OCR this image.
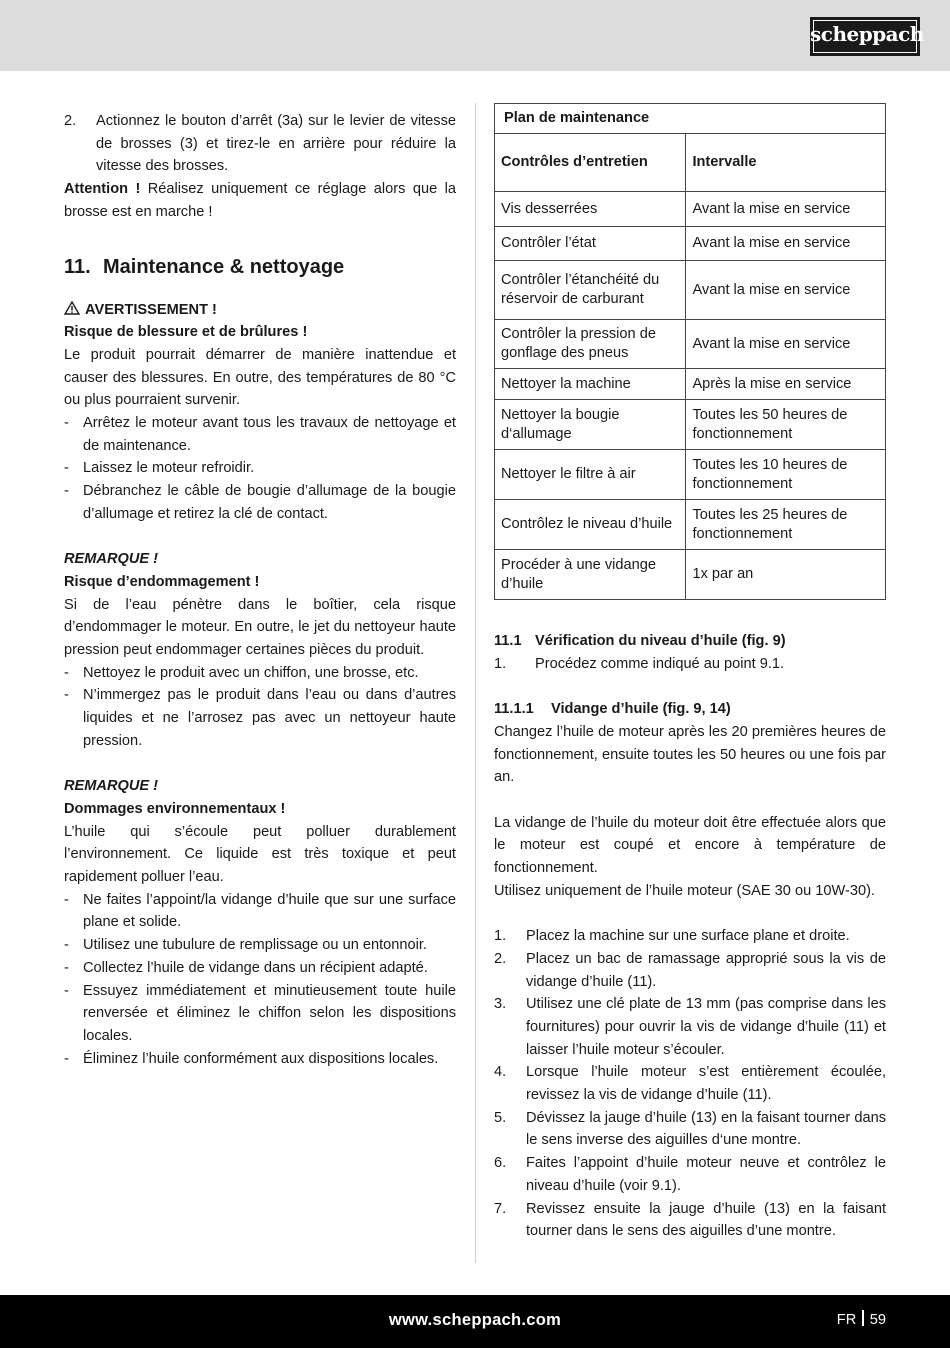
scheppach
2. Actionnez le bouton d’arrêt (3a) sur le levier de vitesse de brosses (3) et tirez-le en arrière pour réduire la vitesse des brosses.

Attention ! Réalisez uniquement ce réglage alors que la brosse est en marche !

11. Maintenance & nettoyage
AVERTISSEMENT !
Risque de blessure et de brûlures !

Le produit pourrait démarrer de manière inattendue et causer des blessures. En outre, des températures de 80 °C ou plus pourraient survenir.

- Arrêtez le moteur avant tous les travaux de nettoyage et de maintenance.
- Laissez le moteur refroidir.
- Débranchez le câble de bougie d’allumage de la bougie d’allumage et retirez la clé de contact.
REMARQUE !
Risque d’endommagement !

Si de l’eau pénètre dans le boîtier, cela risque d’endommager le moteur. En outre, le jet du nettoyeur haute pression peut endommager certaines pièces du produit.

- Nettoyez le produit avec un chiffon, une brosse, etc.
- N’immergez pas le produit dans l’eau ou dans d’autres liquides et ne l’arrosez pas avec un nettoyeur haute pression.
REMARQUE !
Dommages environnementaux !

L’huile qui s’écoule peut polluer durablement l’environnement. Ce liquide est très toxique et peut rapidement polluer l’eau.

- Ne faites l’appoint/la vidange d’huile que sur une surface plane et solide.
- Utilisez une tubulure de remplissage ou un entonnoir.
- Collectez l’huile de vidange dans un récipient adapté.
- Essuyez immédiatement et minutieusement toute huile renversée et éliminez le chiffon selon les dispositions locales.
- Éliminez l’huile conformément aux dispositions locales.
Plan de maintenance	
Contrôles d’entretien	Intervalle
Vis desserrées	Avant la mise en service
Contrôler l’état	Avant la mise en service
Contrôler l’étanchéité du réservoir de carburant	Avant la mise en service
Contrôler la pression de gonflage des pneus	Avant la mise en service
Nettoyer la machine	Après la mise en service
Nettoyer la bougie d‘allumage	Toutes les 50 heures de fonctionnement
Nettoyer le filtre à air	Toutes les 10 heures de fonctionnement
Contrôlez le niveau d’huile	Toutes les 25 heures de fonctionnement
Procéder à une vidange d’huile	1x par an
11.1 Vérification du niveau d’huile (fig. 9)
1. Procédez comme indiqué au point 9.1.
11.1.1 Vidange d’huile (fig. 9, 14)

Changez l’huile de moteur après les 20 premières heures de fonctionnement, ensuite toutes les 50 heures ou une fois par an.

La vidange de l’huile du moteur doit être effectuée alors que le moteur est coupé et encore à température de fonctionnement.

Utilisez uniquement de l’huile moteur (SAE 30 ou 10W-30).

1. Placez la machine sur une surface plane et droite.
2. Placez un bac de ramassage approprié sous la vis de vidange d’huile (11).
3. Utilisez une clé plate de 13 mm (pas comprise dans les fournitures) pour ouvrir la vis de vidange d’huile (11) et laisser l’huile moteur s’écouler.
4. Lorsque l’huile moteur s’est entièrement écoulée, revissez la vis de vidange d’huile (11).
5. Dévissez la jauge d’huile (13) en la faisant tourner dans le sens inverse des aiguilles d‘une montre.
6. Faites l’appoint d’huile moteur neuve et contrôlez le niveau d’huile (voir 9.1).
7. Revissez ensuite la jauge d’huile (13) en la faisant tourner dans le sens des aiguilles d’une montre.
www.scheppach.com	FR 59
